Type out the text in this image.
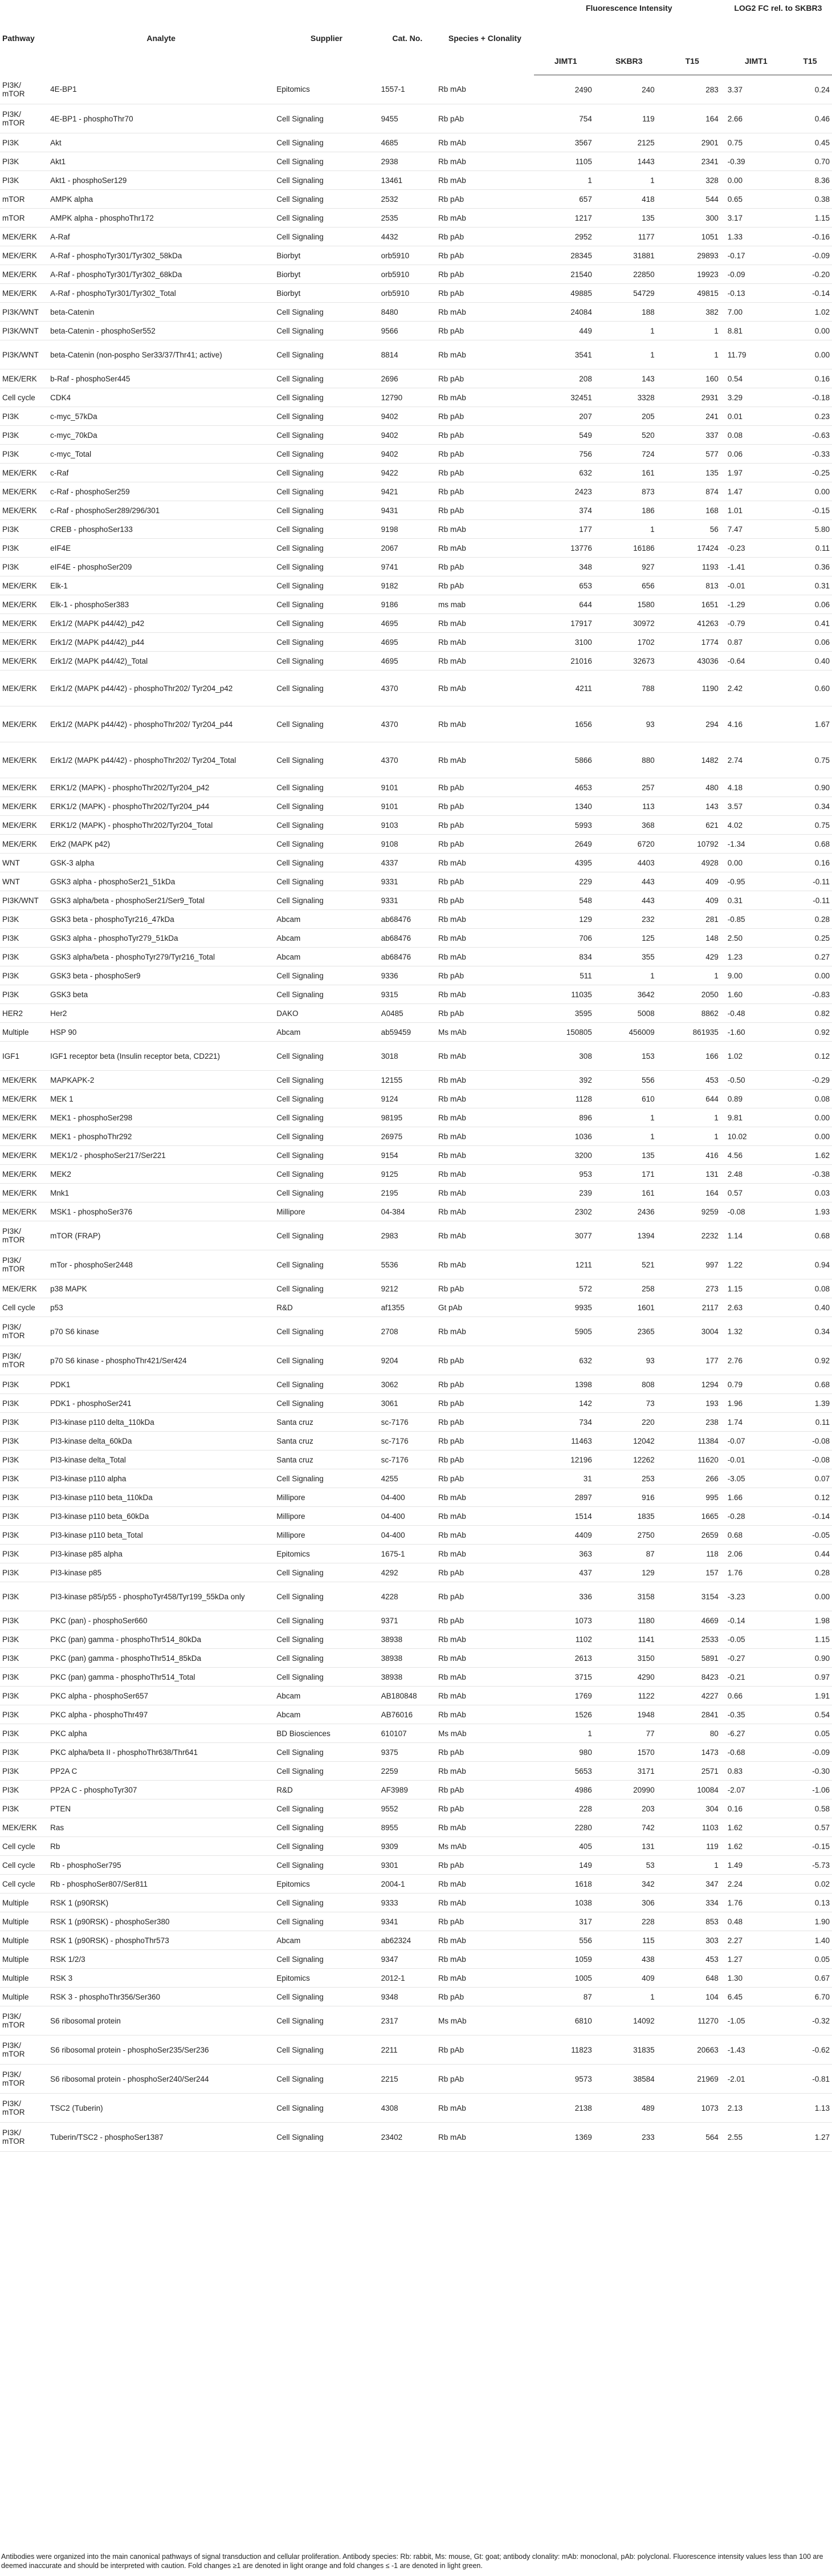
Pathway	Analyte	Supplier	Cat. No.	Species + Clonality	Fluorescence Intensity			LOG2 FC rel. to SKBR3	
					JIMT1	SKBR3	T15	JIMT1	T15
PI3K/ mTOR	4E-BP1	Epitomics	1557-1	Rb mAb	2490	240	283	3.37	0.24
PI3K/ mTOR	4E-BP1 - phosphoThr70	Cell Signaling	9455	Rb pAb	754	119	164	2.66	0.46
PI3K	Akt	Cell Signaling	4685	Rb mAb	3567	2125	2901	0.75	0.45
PI3K	Akt1	Cell Signaling	2938	Rb mAb	1105	1443	2341	-0.39	0.70
PI3K	Akt1 - phosphoSer129	Cell Signaling	13461	Rb mAb	1	1	328	0.00	8.36
mTOR	AMPK alpha	Cell Signaling	2532	Rb pAb	657	418	544	0.65	0.38
mTOR	AMPK alpha - phosphoThr172	Cell Signaling	2535	Rb mAb	1217	135	300	3.17	1.15
MEK/ERK	A-Raf	Cell Signaling	4432	Rb pAb	2952	1177	1051	1.33	-0.16
MEK/ERK	A-Raf - phosphoTyr301/Tyr302_58kDa	Biorbyt	orb5910	Rb pAb	28345	31881	29893	-0.17	-0.09
MEK/ERK	A-Raf - phosphoTyr301/Tyr302_68kDa	Biorbyt	orb5910	Rb pAb	21540	22850	19923	-0.09	-0.20
MEK/ERK	A-Raf - phosphoTyr301/Tyr302_Total	Biorbyt	orb5910	Rb pAb	49885	54729	49815	-0.13	-0.14
PI3K/WNT	beta-Catenin	Cell Signaling	8480	Rb mAb	24084	188	382	7.00	1.02
PI3K/WNT	beta-Catenin - phosphoSer552	Cell Signaling	9566	Rb pAb	449	1	1	8.81	0.00
PI3K/WNT	beta-Catenin (non-pospho Ser33/37/Thr41; active)	Cell Signaling	8814	Rb mAb	3541	1	1	11.79	0.00
MEK/ERK	b-Raf - phosphoSer445	Cell Signaling	2696	Rb pAb	208	143	160	0.54	0.16
Cell cycle	CDK4	Cell Signaling	12790	Rb mAb	32451	3328	2931	3.29	-0.18
PI3K	c-myc_57kDa	Cell Signaling	9402	Rb pAb	207	205	241	0.01	0.23
PI3K	c-myc_70kDa	Cell Signaling	9402	Rb pAb	549	520	337	0.08	-0.63
PI3K	c-myc_Total	Cell Signaling	9402	Rb pAb	756	724	577	0.06	-0.33
MEK/ERK	c-Raf	Cell Signaling	9422	Rb pAb	632	161	135	1.97	-0.25
MEK/ERK	c-Raf - phosphoSer259	Cell Signaling	9421	Rb pAb	2423	873	874	1.47	0.00
MEK/ERK	c-Raf - phosphoSer289/296/301	Cell Signaling	9431	Rb pAb	374	186	168	1.01	-0.15
PI3K	CREB - phosphoSer133	Cell Signaling	9198	Rb mAb	177	1	56	7.47	5.80
PI3K	eIF4E	Cell Signaling	2067	Rb mAb	13776	16186	17424	-0.23	0.11
PI3K	eIF4E - phosphoSer209	Cell Signaling	9741	Rb pAb	348	927	1193	-1.41	0.36
MEK/ERK	Elk-1	Cell Signaling	9182	Rb pAb	653	656	813	-0.01	0.31
MEK/ERK	Elk-1 - phosphoSer383	Cell Signaling	9186	ms mab	644	1580	1651	-1.29	0.06
MEK/ERK	Erk1/2 (MAPK p44/42)_p42	Cell Signaling	4695	Rb mAb	17917	30972	41263	-0.79	0.41
MEK/ERK	Erk1/2 (MAPK p44/42)_p44	Cell Signaling	4695	Rb mAb	3100	1702	1774	0.87	0.06
MEK/ERK	Erk1/2 (MAPK p44/42)_Total	Cell Signaling	4695	Rb mAb	21016	32673	43036	-0.64	0.40
MEK/ERK	Erk1/2 (MAPK p44/42) - phosphoThr202/ Tyr204_p42	Cell Signaling	4370	Rb mAb	4211	788	1190	2.42	0.60
MEK/ERK	Erk1/2 (MAPK p44/42) - phosphoThr202/ Tyr204_p44	Cell Signaling	4370	Rb mAb	1656	93	294	4.16	1.67
MEK/ERK	Erk1/2 (MAPK p44/42) - phosphoThr202/ Tyr204_Total	Cell Signaling	4370	Rb mAb	5866	880	1482	2.74	0.75
MEK/ERK	ERK1/2 (MAPK) - phosphoThr202/Tyr204_p42	Cell Signaling	9101	Rb pAb	4653	257	480	4.18	0.90
MEK/ERK	ERK1/2 (MAPK) - phosphoThr202/Tyr204_p44	Cell Signaling	9101	Rb pAb	1340	113	143	3.57	0.34
MEK/ERK	ERK1/2 (MAPK) - phosphoThr202/Tyr204_Total	Cell Signaling	9103	Rb pAb	5993	368	621	4.02	0.75
MEK/ERK	Erk2 (MAPK p42)	Cell Signaling	9108	Rb pAb	2649	6720	10792	-1.34	0.68
WNT	GSK-3 alpha	Cell Signaling	4337	Rb mAb	4395	4403	4928	0.00	0.16
WNT	GSK3 alpha - phosphoSer21_51kDa	Cell Signaling	9331	Rb pAb	229	443	409	-0.95	-0.11
PI3K/WNT	GSK3 alpha/beta - phosphoSer21/Ser9_Total	Cell Signaling	9331	Rb pAb	548	443	409	0.31	-0.11
PI3K	GSK3 beta - phosphoTyr216_47kDa	Abcam	ab68476	Rb mAb	129	232	281	-0.85	0.28
PI3K	GSK3 alpha - phosphoTyr279_51kDa	Abcam	ab68476	Rb mAb	706	125	148	2.50	0.25
PI3K	GSK3 alpha/beta - phosphoTyr279/Tyr216_Total	Abcam	ab68476	Rb mAb	834	355	429	1.23	0.27
PI3K	GSK3 beta - phosphoSer9	Cell Signaling	9336	Rb pAb	511	1	1	9.00	0.00
PI3K	GSK3 beta	Cell Signaling	9315	Rb mAb	11035	3642	2050	1.60	-0.83
HER2	Her2	DAKO	A0485	Rb pAb	3595	5008	8862	-0.48	0.82
Multiple	HSP 90	Abcam	ab59459	Ms mAb	150805	456009	861935	-1.60	0.92
IGF1	IGF1 receptor beta (Insulin receptor beta, CD221)	Cell Signaling	3018	Rb mAb	308	153	166	1.02	0.12
MEK/ERK	MAPKAPK-2	Cell Signaling	12155	Rb mAb	392	556	453	-0.50	-0.29
MEK/ERK	MEK 1	Cell Signaling	9124	Rb mAb	1128	610	644	0.89	0.08
MEK/ERK	MEK1 - phosphoSer298	Cell Signaling	98195	Rb mAb	896	1	1	9.81	0.00
MEK/ERK	MEK1 - phosphoThr292	Cell Signaling	26975	Rb mAb	1036	1	1	10.02	0.00
MEK/ERK	MEK1/2 - phosphoSer217/Ser221	Cell Signaling	9154	Rb mAb	3200	135	416	4.56	1.62
MEK/ERK	MEK2	Cell Signaling	9125	Rb mAb	953	171	131	2.48	-0.38
MEK/ERK	Mnk1	Cell Signaling	2195	Rb mAb	239	161	164	0.57	0.03
MEK/ERK	MSK1 - phosphoSer376	Millipore	04-384	Rb mAb	2302	2436	9259	-0.08	1.93
PI3K/ mTOR	mTOR (FRAP)	Cell Signaling	2983	Rb mAb	3077	1394	2232	1.14	0.68
PI3K/ mTOR	mTor - phosphoSer2448	Cell Signaling	5536	Rb mAb	1211	521	997	1.22	0.94
MEK/ERK	p38 MAPK	Cell Signaling	9212	Rb pAb	572	258	273	1.15	0.08
Cell cycle	p53	R&D	af1355	Gt pAb	9935	1601	2117	2.63	0.40
PI3K/ mTOR	p70 S6 kinase	Cell Signaling	2708	Rb mAb	5905	2365	3004	1.32	0.34
PI3K/ mTOR	p70 S6 kinase - phosphoThr421/Ser424	Cell Signaling	9204	Rb pAb	632	93	177	2.76	0.92
PI3K	PDK1	Cell Signaling	3062	Rb pAb	1398	808	1294	0.79	0.68
PI3K	PDK1 - phosphoSer241	Cell Signaling	3061	Rb pAb	142	73	193	1.96	1.39
PI3K	PI3-kinase p110 delta_110kDa	Santa cruz	sc-7176	Rb pAb	734	220	238	1.74	0.11
PI3K	PI3-kinase delta_60kDa	Santa cruz	sc-7176	Rb pAb	11463	12042	11384	-0.07	-0.08
PI3K	PI3-kinase delta_Total	Santa cruz	sc-7176	Rb pAb	12196	12262	11620	-0.01	-0.08
PI3K	PI3-kinase p110 alpha	Cell Signaling	4255	Rb pAb	31	253	266	-3.05	0.07
PI3K	PI3-kinase p110 beta_110kDa	Millipore	04-400	Rb mAb	2897	916	995	1.66	0.12
PI3K	PI3-kinase p110 beta_60kDa	Millipore	04-400	Rb mAb	1514	1835	1665	-0.28	-0.14
PI3K	PI3-kinase p110 beta_Total	Millipore	04-400	Rb mAb	4409	2750	2659	0.68	-0.05
PI3K	PI3-kinase p85 alpha	Epitomics	1675-1	Rb mAb	363	87	118	2.06	0.44
PI3K	PI3-kinase p85	Cell Signaling	4292	Rb pAb	437	129	157	1.76	0.28
PI3K	PI3-kinase p85/p55 - phosphoTyr458/Tyr199_55kDa only	Cell Signaling	4228	Rb pAb	336	3158	3154	-3.23	0.00
PI3K	PKC (pan) - phosphoSer660	Cell Signaling	9371	Rb pAb	1073	1180	4669	-0.14	1.98
PI3K	PKC (pan) gamma - phosphoThr514_80kDa	Cell Signaling	38938	Rb mAb	1102	1141	2533	-0.05	1.15
PI3K	PKC (pan) gamma - phosphoThr514_85kDa	Cell Signaling	38938	Rb mAb	2613	3150	5891	-0.27	0.90
PI3K	PKC (pan) gamma - phosphoThr514_Total	Cell Signaling	38938	Rb mAb	3715	4290	8423	-0.21	0.97
PI3K	PKC alpha - phosphoSer657	Abcam	AB180848	Rb mAb	1769	1122	4227	0.66	1.91
PI3K	PKC alpha - phosphoThr497	Abcam	AB76016	Rb mAb	1526	1948	2841	-0.35	0.54
PI3K	PKC alpha	BD Biosciences	610107	Ms mAb	1	77	80	-6.27	0.05
PI3K	PKC alpha/beta II - phosphoThr638/Thr641	Cell Signaling	9375	Rb pAb	980	1570	1473	-0.68	-0.09
PI3K	PP2A C	Cell Signaling	2259	Rb mAb	5653	3171	2571	0.83	-0.30
PI3K	PP2A C - phosphoTyr307	R&D	AF3989	Rb pAb	4986	20990	10084	-2.07	-1.06
PI3K	PTEN	Cell Signaling	9552	Rb pAb	228	203	304	0.16	0.58
MEK/ERK	Ras	Cell Signaling	8955	Rb mAb	2280	742	1103	1.62	0.57
Cell cycle	Rb	Cell Signaling	9309	Ms mAb	405	131	119	1.62	-0.15
Cell cycle	Rb - phosphoSer795	Cell Signaling	9301	Rb pAb	149	53	1	1.49	-5.73
Cell cycle	Rb - phosphoSer807/Ser811	Epitomics	2004-1	Rb mAb	1618	342	347	2.24	0.02
Multiple	RSK 1 (p90RSK)	Cell Signaling	9333	Rb mAb	1038	306	334	1.76	0.13
Multiple	RSK 1 (p90RSK) - phosphoSer380	Cell Signaling	9341	Rb pAb	317	228	853	0.48	1.90
Multiple	RSK 1 (p90RSK) - phosphoThr573	Abcam	ab62324	Rb mAb	556	115	303	2.27	1.40
Multiple	RSK 1/2/3	Cell Signaling	9347	Rb mAb	1059	438	453	1.27	0.05
Multiple	RSK 3	Epitomics	2012-1	Rb mAb	1005	409	648	1.30	0.67
Multiple	RSK 3 - phosphoThr356/Ser360	Cell Signaling	9348	Rb pAb	87	1	104	6.45	6.70
PI3K/ mTOR	S6 ribosomal protein	Cell Signaling	2317	Ms mAb	6810	14092	11270	-1.05	-0.32
PI3K/ mTOR	S6 ribosomal protein - phosphoSer235/Ser236	Cell Signaling	2211	Rb pAb	11823	31835	20663	-1.43	-0.62
PI3K/ mTOR	S6 ribosomal protein - phosphoSer240/Ser244	Cell Signaling	2215	Rb pAb	9573	38584	21969	-2.01	-0.81
PI3K/ mTOR	TSC2 (Tuberin)	Cell Signaling	4308	Rb mAb	2138	489	1073	2.13	1.13
PI3K/ mTOR	Tuberin/TSC2 - phosphoSer1387	Cell Signaling	23402	Rb mAb	1369	233	564	2.55	1.27
Antibodies were organized into the main canonical pathways of signal transduction and cellular proliferation. Antibody species: Rb: rabbit, Ms: mouse, Gt: goat; antibody clonality: mAb: monoclonal, pAb: polyclonal. Fluorescence intensity values less than 100 are deemed inaccurate and should be interpreted with caution. Fold changes ≥1 are denoted in light orange and fold changes ≤ -1 are denoted in light green.
